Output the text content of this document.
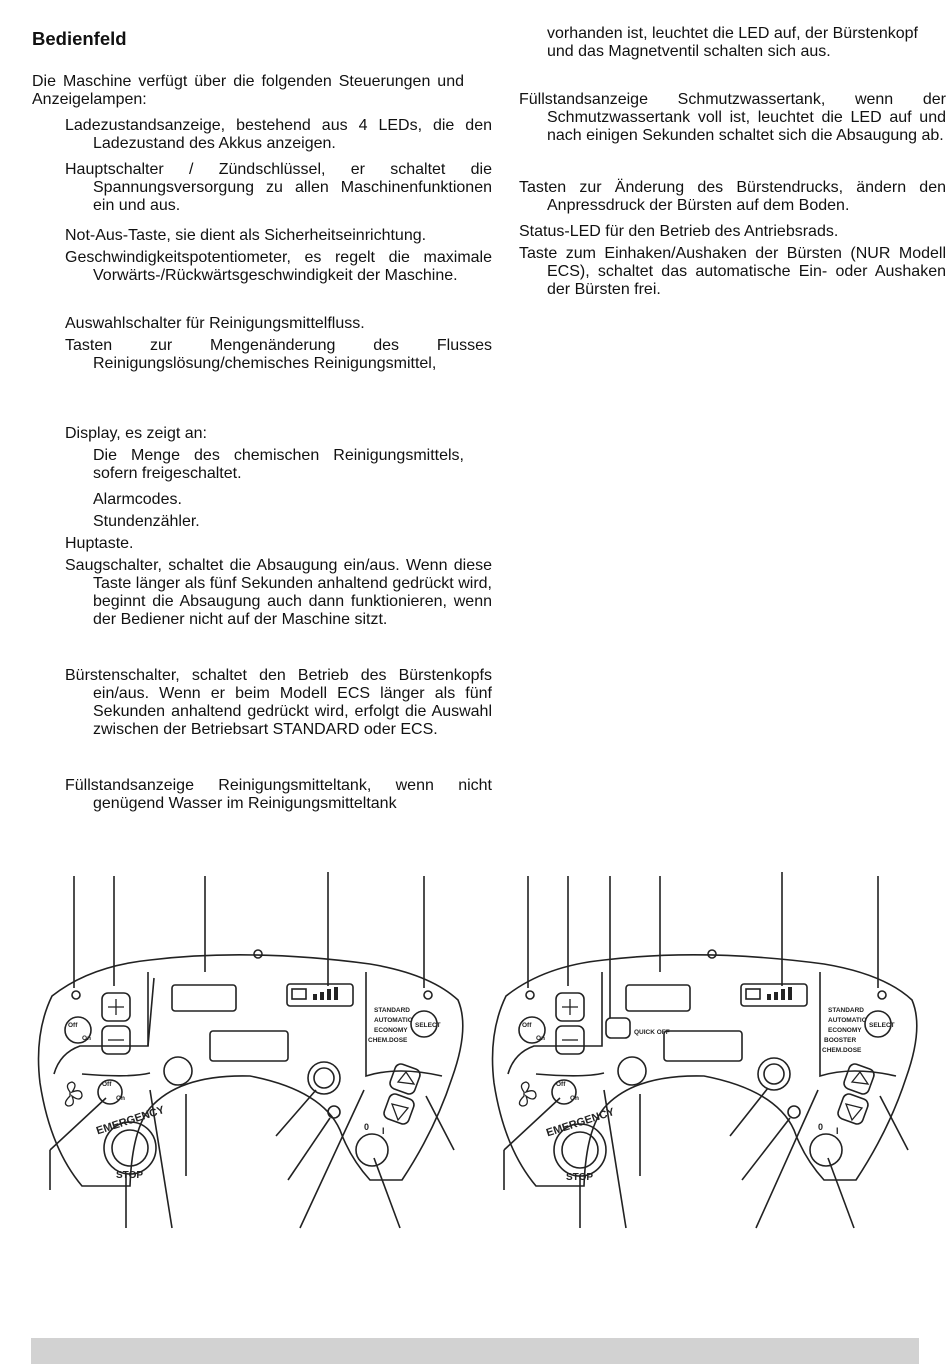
Bedienfeld

Die Maschine verfügt über die folgenden Steuerungen und Anzeigelampen:

Ladezustandsanzeige, bestehend aus 4 LEDs, die den Ladezustand des Akkus anzeigen.

Hauptschalter / Zündschlüssel, er schaltet die Spannungsversorgung zu allen Maschinenfunktionen ein und aus.

Not-Aus-Taste, sie dient als Sicherheitseinrichtung.

Geschwindigkeitspotentiometer, es regelt die maximale Vorwärts-/Rückwärtsgeschwindigkeit der Maschine.

Auswahlschalter für Reinigungsmittelfluss.

Tasten zur Mengenänderung des Flusses Reinigungslösung/chemisches Reinigungsmittel,

Display, es zeigt an:

Die Menge des chemischen Reinigungsmittels, sofern freigeschaltet.

Alarmcodes.

Stundenzähler.

Huptaste.

Saugschalter, schaltet die Absaugung ein/aus. Wenn diese Taste länger als fünf Sekunden anhaltend gedrückt wird, beginnt die Absaugung auch dann funktionieren, wenn der Bediener nicht auf der Maschine sitzt.

Bürstenschalter, schaltet den Betrieb des Bürstenkopfs ein/aus. Wenn er beim Modell ECS länger als fünf Sekunden anhaltend gedrückt wird, erfolgt die Auswahl zwischen der Betriebsart STANDARD oder ECS.

Füllstandsanzeige Reinigungsmitteltank, wenn nicht genügend Wasser im Reinigungsmitteltank

vorhanden ist, leuchtet die LED auf, der Bürstenkopf und das Magnetventil schalten sich aus.

Füllstandsanzeige Schmutzwassertank, wenn der Schmutzwassertank voll ist, leuchtet die LED auf und nach einigen Sekunden schaltet sich die Absaugung ab.

Tasten zur Änderung des Bürstendrucks, ändern den Anpressdruck der Bürsten auf dem Boden.

Status-LED für den Betrieb des Antriebsrads.

Taste zum Einhaken/Aushaken der Bürsten (NUR Modell ECS), schaltet das automatische Ein- oder Aushaken der Bürsten frei.

SELECT
STANDARD
AUTOMATIC
ECONOMY
CHEM.DOSE
Off
On
Off
On
0 I
EMERGENCY
STOP
SELECT
STANDARD
AUTOMATIC
ECONOMY
CHEM.DOSE
BOOSTER
QUICK OFF
Off
On
Off
On
0 I
EMERGENCY
STOP
